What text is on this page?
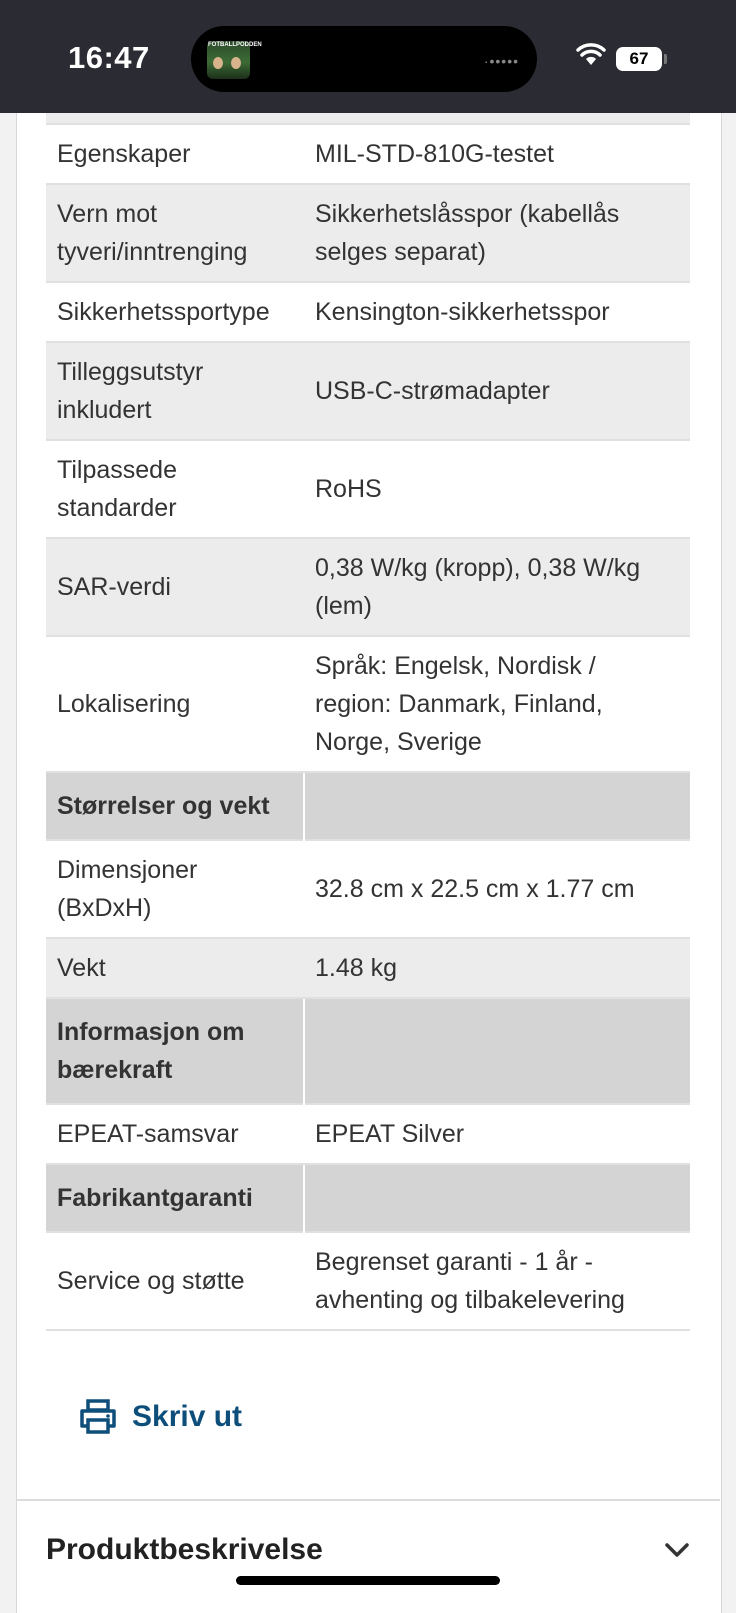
16:47	FOTBALLPODDEN
·•••••	67

Egenskaper	MIL-STD-810G-testet
Vern mot tyveri/inntrenging	Sikkerhetslåsspor (kabellås selges separat)
Sikkerhetssportype	Kensington-sikkerhetsspor
Tilleggsutstyr inkludert	USB-C-strømadapter
Tilpassede standarder	RoHS
SAR-verdi	0,38 W/kg (kropp), 0,38 W/kg (lem)
Lokalisering	Språk: Engelsk, Nordisk / region: Danmark, Finland, Norge, Sverige
Størrelser og vekt	
Dimensjoner (BxDxH)	32.8 cm x 22.5 cm x 1.77 cm
Vekt	1.48 kg
Informasjon om bærekraft	
EPEAT-samsvar	EPEAT Silver
Fabrikantgaranti	
Service og støtte	Begrenset garanti - 1 år - avhenting og tilbakelevering
Skriv ut
Produktbeskrivelse
